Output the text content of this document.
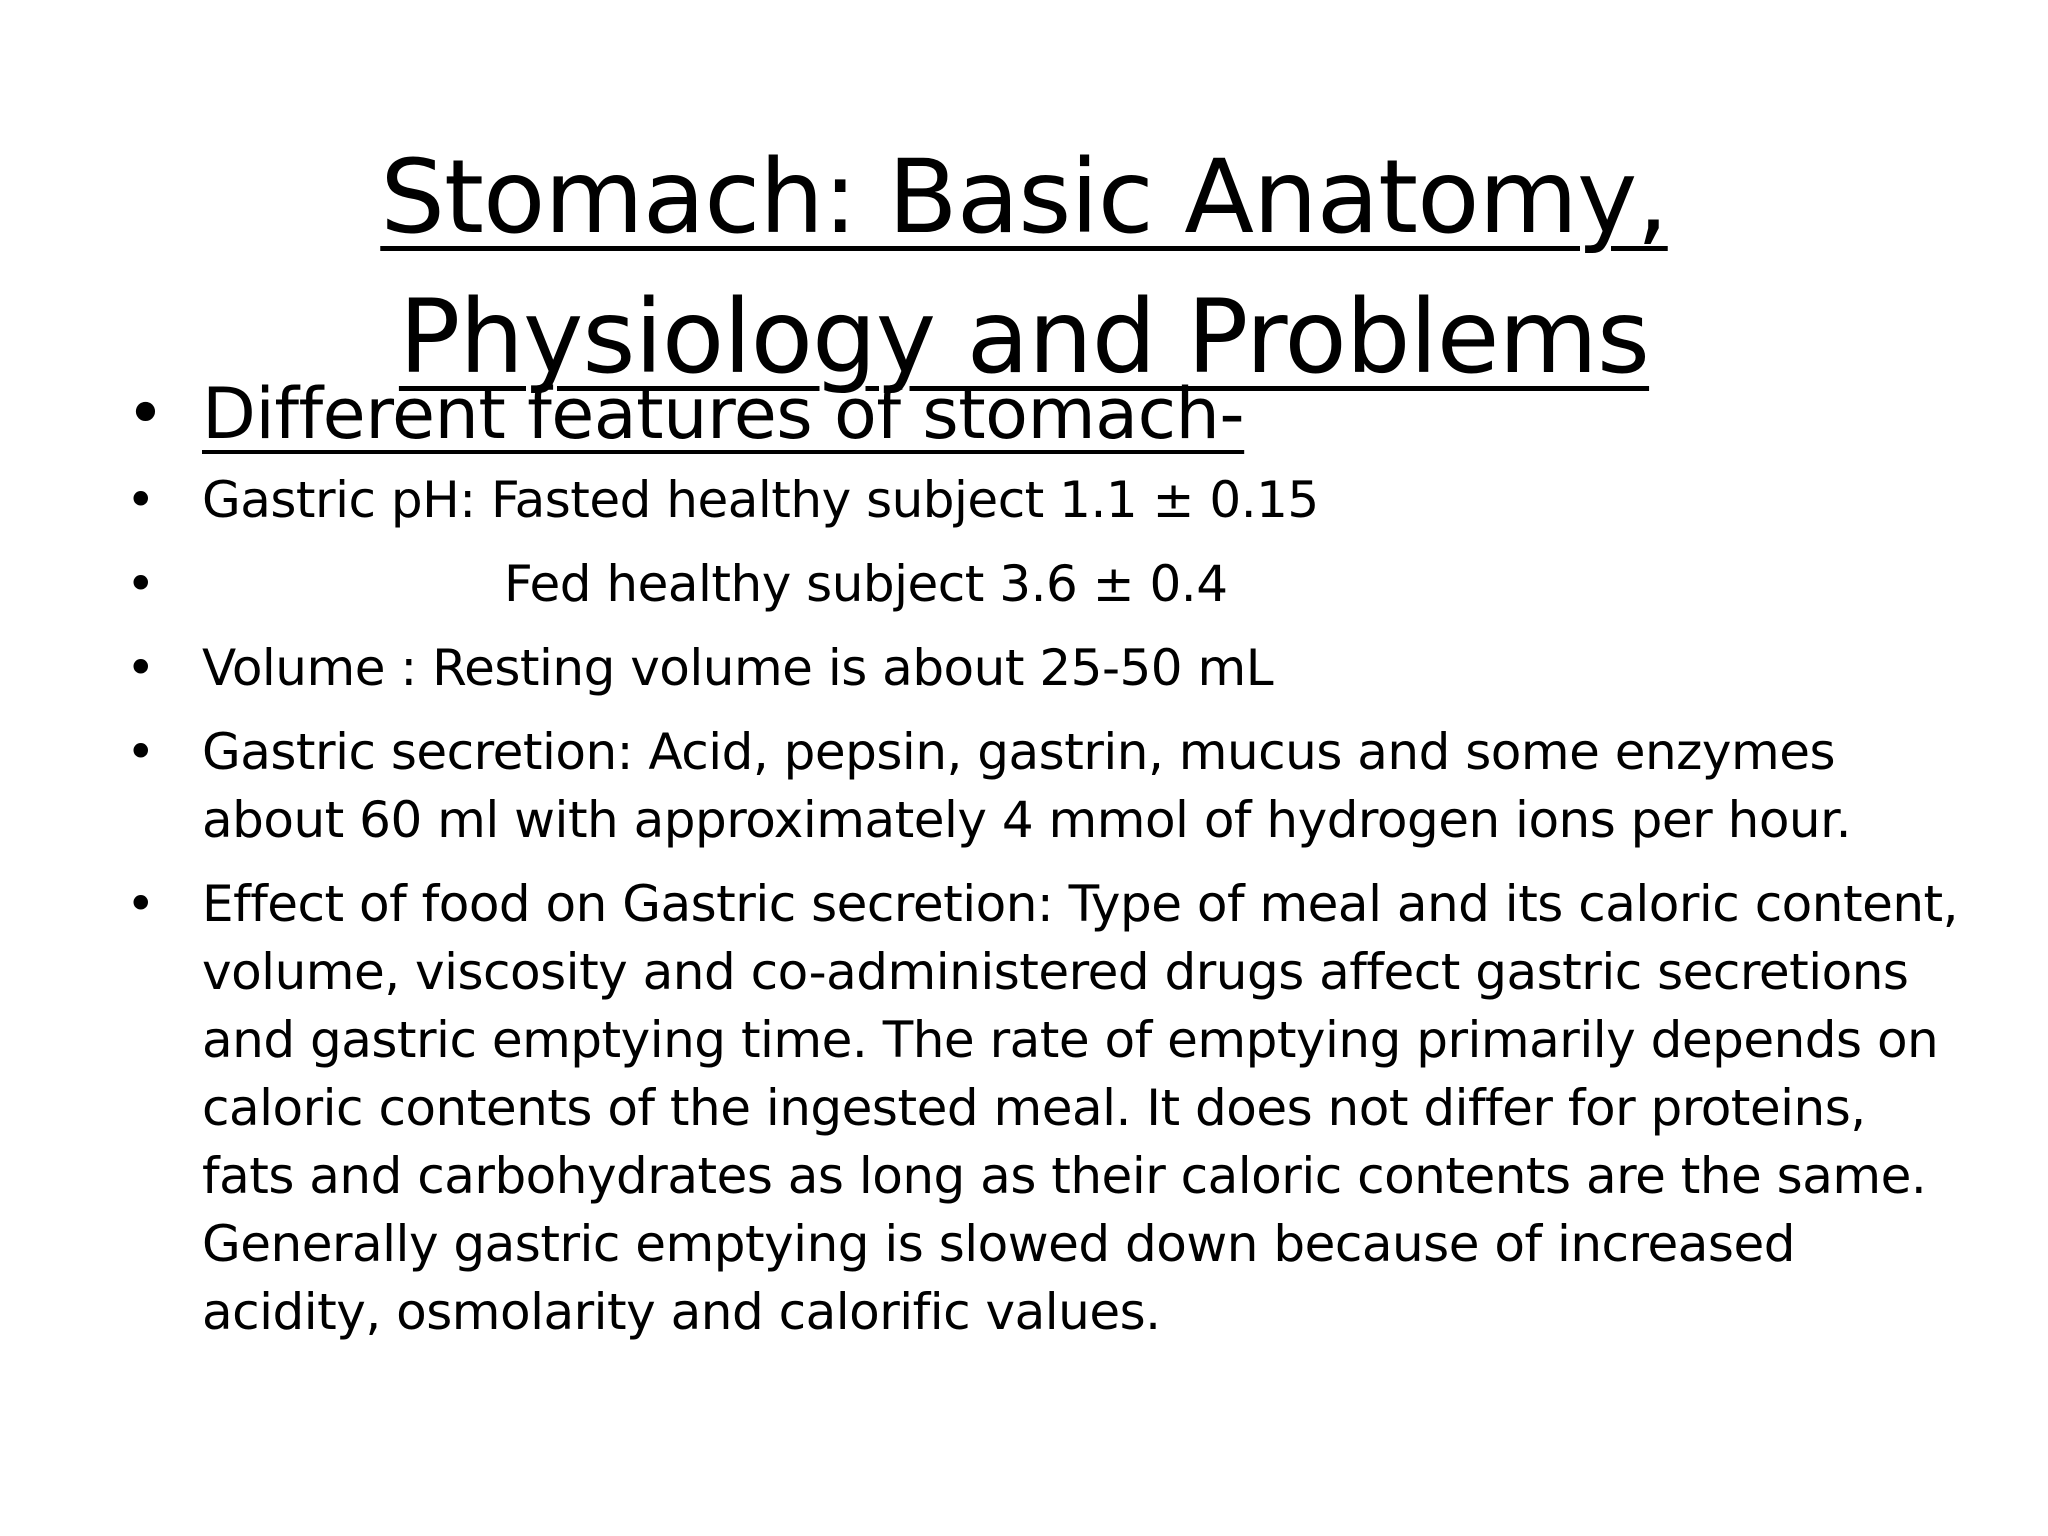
Stomach: Basic Anatomy, Physiology and Problems
• Different features of stomach-
• Gastric pH: Fasted healthy subject 1.1 ± 0.15
•	Fed healthy subject 3.6 ± 0.4
• Volume : Resting volume is about 25-50 mL
• Gastric secretion: Acid, pepsin, gastrin, mucus and some enzymes about 60 ml with approximately 4 mmol of hydrogen ions per hour.
• Effect of food on Gastric secretion: Type of meal and its caloric content, volume, viscosity and co-administered drugs affect gastric secretions and gastric emptying time. The rate of emptying primarily depends on caloric contents of the ingested meal. It does not differ for proteins, fats and carbohydrates as long as their caloric contents are the same. Generally gastric emptying is slowed down because of increased acidity, osmolarity and calorific values.
